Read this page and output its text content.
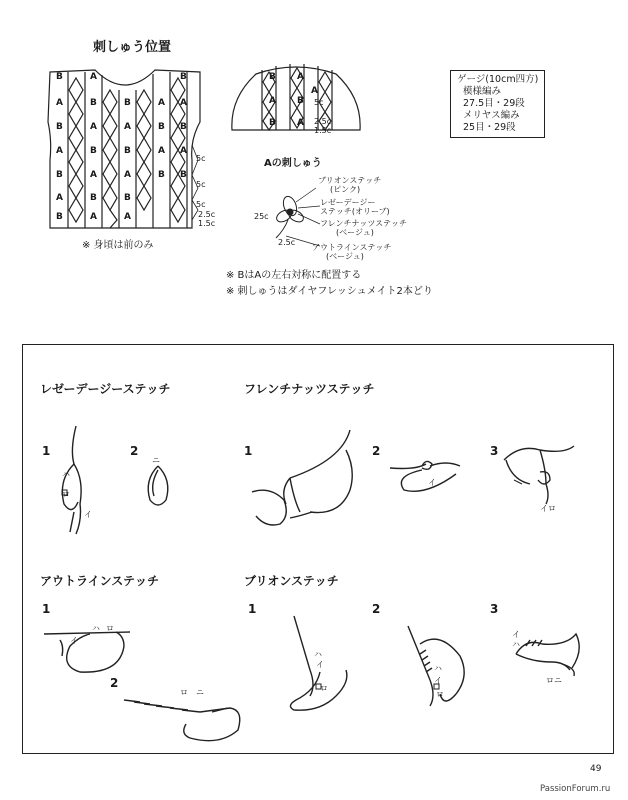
刺しゅう位置
B
B
B
B
A
A
A
A
B
A
B
A
B
A
B
A
B
A
B
A
A
B
A
B
B
A
B
A
B
5c
5c
5c
2.5c
1.5c
※ 身頃は前のみ
B
A
B
A
B
A
A
5c
2.5c
1.5c
ゲージ(10cm四方)
模様編み
27.5目・29段
メリヤス編み
25目・29段
Aの刺しゅう
ブリオンステッチ
(ピンク)
レゼーデージー
ステッチ(オリーブ)
フレンチナッツステッチ
(ベージュ)
アウトラインステッチ
(ベージュ)
25c
2.5c
※ BはAの左右対称に配置する
※ 刺しゅうはダイヤフレッシュメイト2本どり
レゼーデージーステッチ
1	2
ハ
ロ
イ
ニ
フレンチナッツステッチ
1	2	3
イ
イロ
アウトラインステッチ
1
2
ハ ロ
イ
ロ ニ
ブリオンステッチ
1	2	3
ハ
イ
ロ
ハ
イ
ロ
ハ
イ
ロニ
49
PassionForum.ru
